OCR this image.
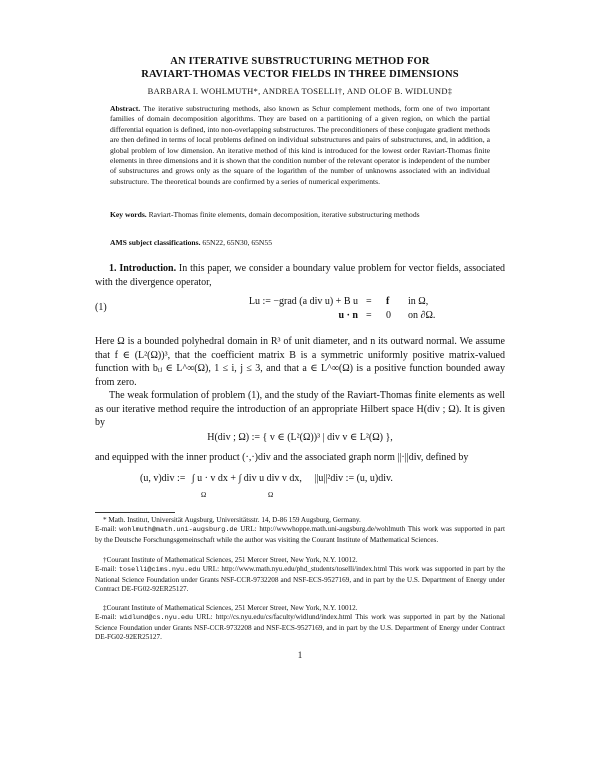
AN ITERATIVE SUBSTRUCTURING METHOD FOR
RAVIART-THOMAS VECTOR FIELDS IN THREE DIMENSIONS
BARBARA I. WOHLMUTH*, ANDREA TOSELLI†, AND OLOF B. WIDLUND‡
Abstract. The iterative substructuring methods, also known as Schur complement methods, form one of two important families of domain decomposition algorithms. They are based on a partitioning of a given region, on which the partial differential equation is defined, into non-overlapping substructures. The preconditioners of these conjugate gradient methods are then defined in terms of local problems defined on individual substructures and pairs of substructures, and, in addition, a global problem of low dimension. An iterative method of this kind is introduced for the lowest order Raviart-Thomas finite elements in three dimensions and it is shown that the condition number of the relevant operator is independent of the number of substructures and grows only as the square of the logarithm of the number of unknowns associated with an individual substructure. The theoretical bounds are confirmed by a series of numerical experiments.
Key words. Raviart-Thomas finite elements, domain decomposition, iterative substructuring methods
AMS subject classifications. 65N22, 65N30, 65N55
1. Introduction. In this paper, we consider a boundary value problem for vector fields, associated with the divergence operator,
(1)
Lu := −grad (a div u) + B u = f in Ω,
u · n = 0 on ∂Ω.
Here Ω is a bounded polyhedral domain in R³ of unit diameter, and n its outward normal. We assume that f ∈ (L²(Ω))³, that the coefficient matrix B is a symmetric uniformly positive matrix-valued function with bᵢⱼ ∈ L^∞(Ω), 1 ≤ i, j ≤ 3, and that a ∈ L^∞(Ω) is a positive function bounded away from zero.
The weak formulation of problem (1), and the study of the Raviart-Thomas finite elements as well as our iterative method require the introduction of an appropriate Hilbert space H(div ; Ω). It is given by
H(div ; Ω) := { v ∈ (L²(Ω))³ | div v ∈ L²(Ω) },
and equipped with the inner product (·,·)div and the associated graph norm ||·||div, defined by
(u, v)div := ∫ u · v dx + ∫ div u div v dx, ||u||²div := (u, u)div.
Ω	Ω
* Math. Institut, Universität Augsburg, Universitätsstr. 14, D-86 159 Augsburg, Germany.
E-mail: wohlmuth@math.uni-augsburg.de URL: http://wwwhoppe.math.uni-augsburg.de/wohlmuth This work was supported in part by the Deutsche Forschungsgemeinschaft while the author was visiting the Courant Institute of Mathematical Sciences.
†Courant Institute of Mathematical Sciences, 251 Mercer Street, New York, N.Y. 10012.
E-mail: toselli@cims.nyu.edu URL: http://www.math.nyu.edu/phd_students/toselli/index.html This work was supported in part by the National Science Foundation under Grants NSF-CCR-9732208 and NSF-ECS-9527169, and in part by the U.S. Department of Energy under Contract DE-FG02-92ER25127.
‡Courant Institute of Mathematical Sciences, 251 Mercer Street, New York, N.Y. 10012.
E-mail: widlund@cs.nyu.edu URL: http://cs.nyu.edu/cs/faculty/widlund/index.html This work was supported in part by the National Science Foundation under Grants NSF-CCR-9732208 and NSF-ECS-9527169, and in part by the U.S. Department of Energy under Contract DE-FG02-92ER25127.
1
